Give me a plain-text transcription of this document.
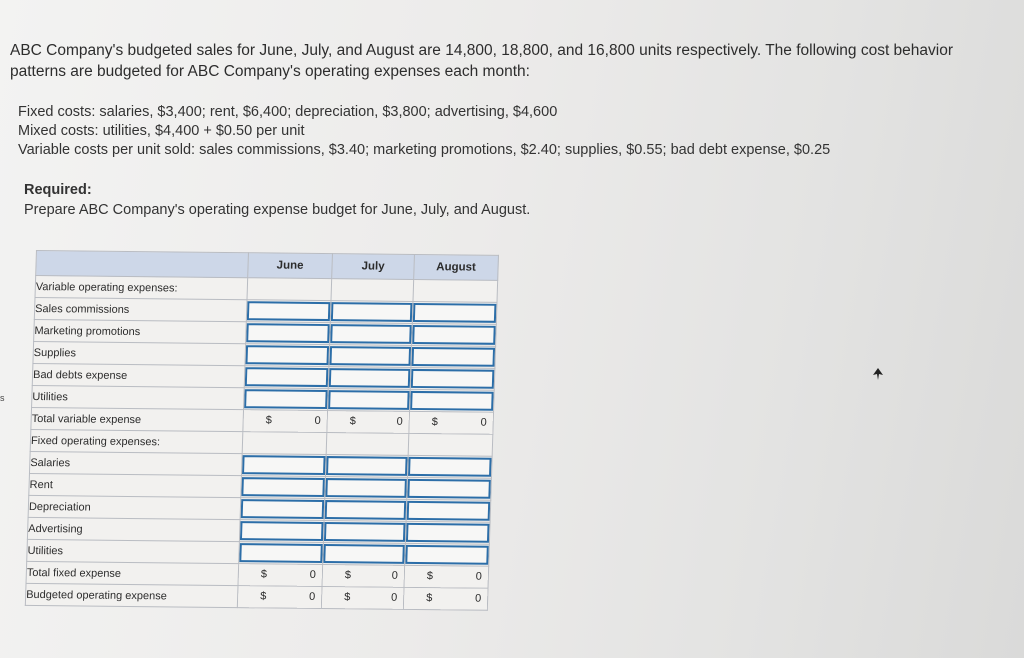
ABC Company's budgeted sales for June, July, and August are 14,800, 18,800, and 16,800 units respectively. The following cost behavior patterns are budgeted for ABC Company's operating expenses each month:
Fixed costs: salaries, $3,400; rent, $6,400; depreciation, $3,800; advertising, $4,600
Mixed costs: utilities, $4,400 + $0.50 per unit
Variable costs per unit sold: sales commissions, $3.40; marketing promotions, $2.40; supplies, $0.55; bad debt expense, $0.25
Required:
Prepare ABC Company's operating expense budget for June, July, and August.
s
	June	July	August
Variable operating expenses:			
Sales commissions	

Marketing promotions	

Supplies	

Bad debts expense	

Utilities	

Total variable expense	$ 0	$ 0	$ 0

Fixed operating expenses:			
Salaries	

Rent	

Depreciation	

Advertising	

Utilities	

Total fixed expense	$ 0	$ 0	$ 0

Budgeted operating expense	$ 0	$ 0	$ 0
